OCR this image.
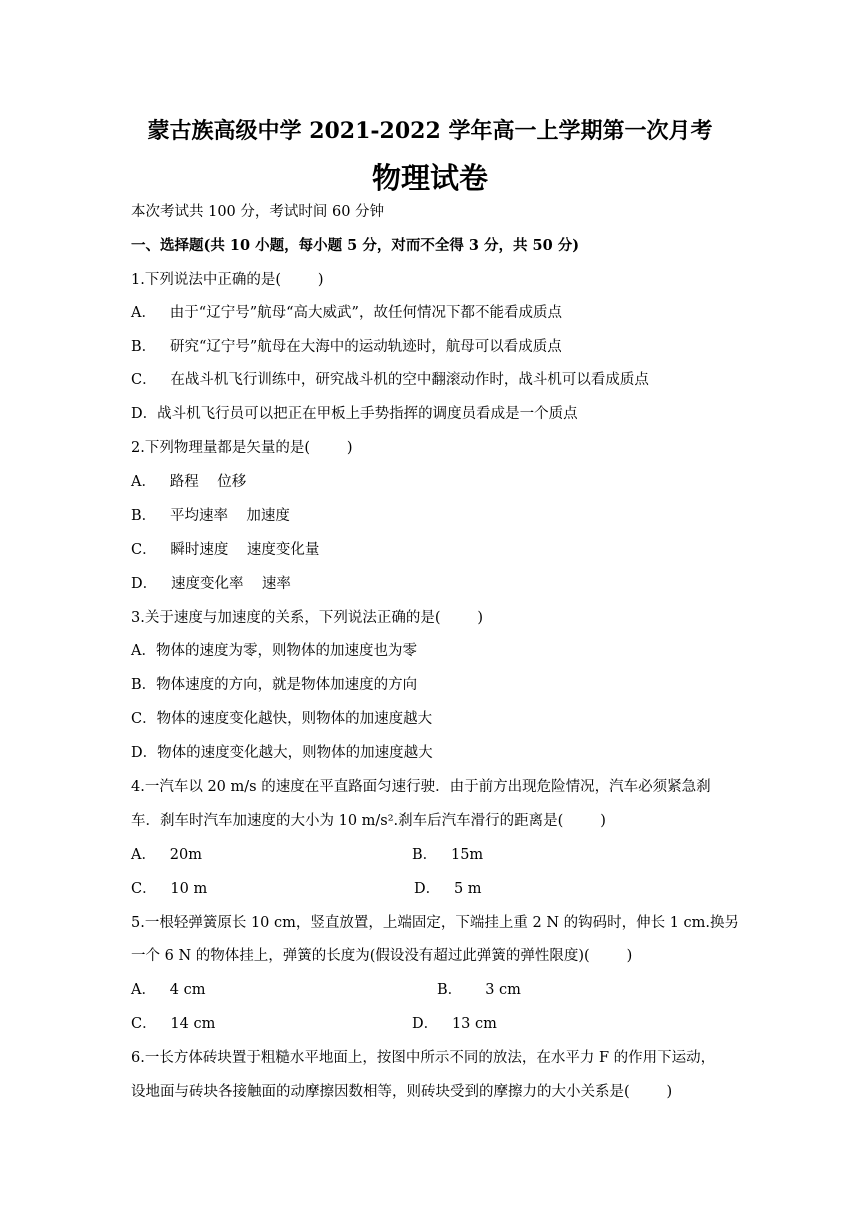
蒙古族高级中学 2021-2022 学年高一上学期第一次月考
物理试卷
本次考试共 100 分，考试时间 60 分钟
一、选择题(共 10 小题，每小题 5 分，对而不全得 3 分，共 50 分)
1.下列说法中正确的是(        )
A．   由于“辽宁号”航母“高大威武”，故任何情况下都不能看成质点
B．   研究“辽宁号”航母在大海中的运动轨迹时，航母可以看成质点
C．   在战斗机飞行训练中，研究战斗机的空中翻滚动作时，战斗机可以看成质点
D．战斗机飞行员可以把正在甲板上手势指挥的调度员看成是一个质点
2.下列物理量都是矢量的是(        )
A．   路程    位移
B．   平均速率    加速度
C．   瞬时速度    速度变化量
D．   速度变化率    速率
3.关于速度与加速度的关系，下列说法正确的是(        )
A．物体的速度为零，则物体的加速度也为零
B．物体速度的方向，就是物体加速度的方向
C．物体的速度变化越快，则物体的加速度越大
D．物体的速度变化越大，则物体的加速度越大
4.一汽车以 20 m/s 的速度在平直路面匀速行驶．由于前方出现危险情况，汽车必须紧急刹
车．刹车时汽车加速度的大小为 10 m/s².刹车后汽车滑行的距离是(        )
A．   20m	B．   15m
C．   10 m	D．   5 m
5.一根轻弹簧原长 10 cm，竖直放置，上端固定，下端挂上重 2 N 的钩码时，伸长 1 cm.换另
一个 6 N 的物体挂上，弹簧的长度为(假设没有超过此弹簧的弹性限度)(        )
A．   4 cm	B．     3 cm
C．   14 cm	D．   13 cm
6.一长方体砖块置于粗糙水平地面上，按图中所示不同的放法，在水平力 F 的作用下运动，
设地面与砖块各接触面的动摩擦因数相等，则砖块受到的摩擦力的大小关系是(        )
